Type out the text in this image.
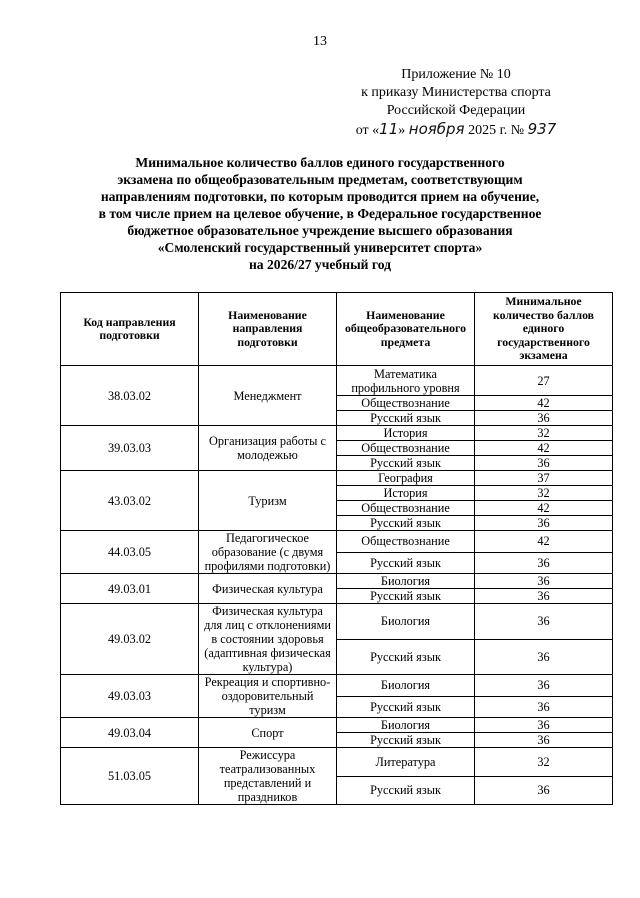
13
Приложение № 10
к приказу Министерства спорта
Российской Федерации
от «11» ноября 2025 г. № 937
Минимальное количество баллов единого государственного
экзамена по общеобразовательным предметам, соответствующим
направлениям подготовки, по которым проводится прием на обучение,
в том числе прием на целевое обучение, в Федеральное государственное
бюджетное образовательное учреждение высшего образования
«Смоленский государственный университет спорта»
на 2026/27 учебный год
Код направления подготовки	Наименование направления подготовки	Наименование общеобразовательного предмета	Минимальное количество баллов единого государственного экзамена
38.03.02	Менеджмент	Математика профильного уровня	27
		Обществознание	42
		Русский язык	36
39.03.03	Организация работы с молодежью	История	32
		Обществознание	42
		Русский язык	36
43.03.02	Туризм	География	37
		История	32
		Обществознание	42
		Русский язык	36
44.03.05	Педагогическое образование (с двумя профилями подготовки)	Обществознание	42
		Русский язык	36
49.03.01	Физическая культура	Биология	36
		Русский язык	36
49.03.02	Физическая культура для лиц с отклонениями в состоянии здоровья (адаптивная физическая культура)	Биология	36
		Русский язык	36
49.03.03	Рекреация и спортивно-оздоровительный туризм	Биология	36
		Русский язык	36
49.03.04	Спорт	Биология	36
		Русский язык	36
51.03.05	Режиссура театрализованных представлений и праздников	Литература	32
		Русский язык	36
